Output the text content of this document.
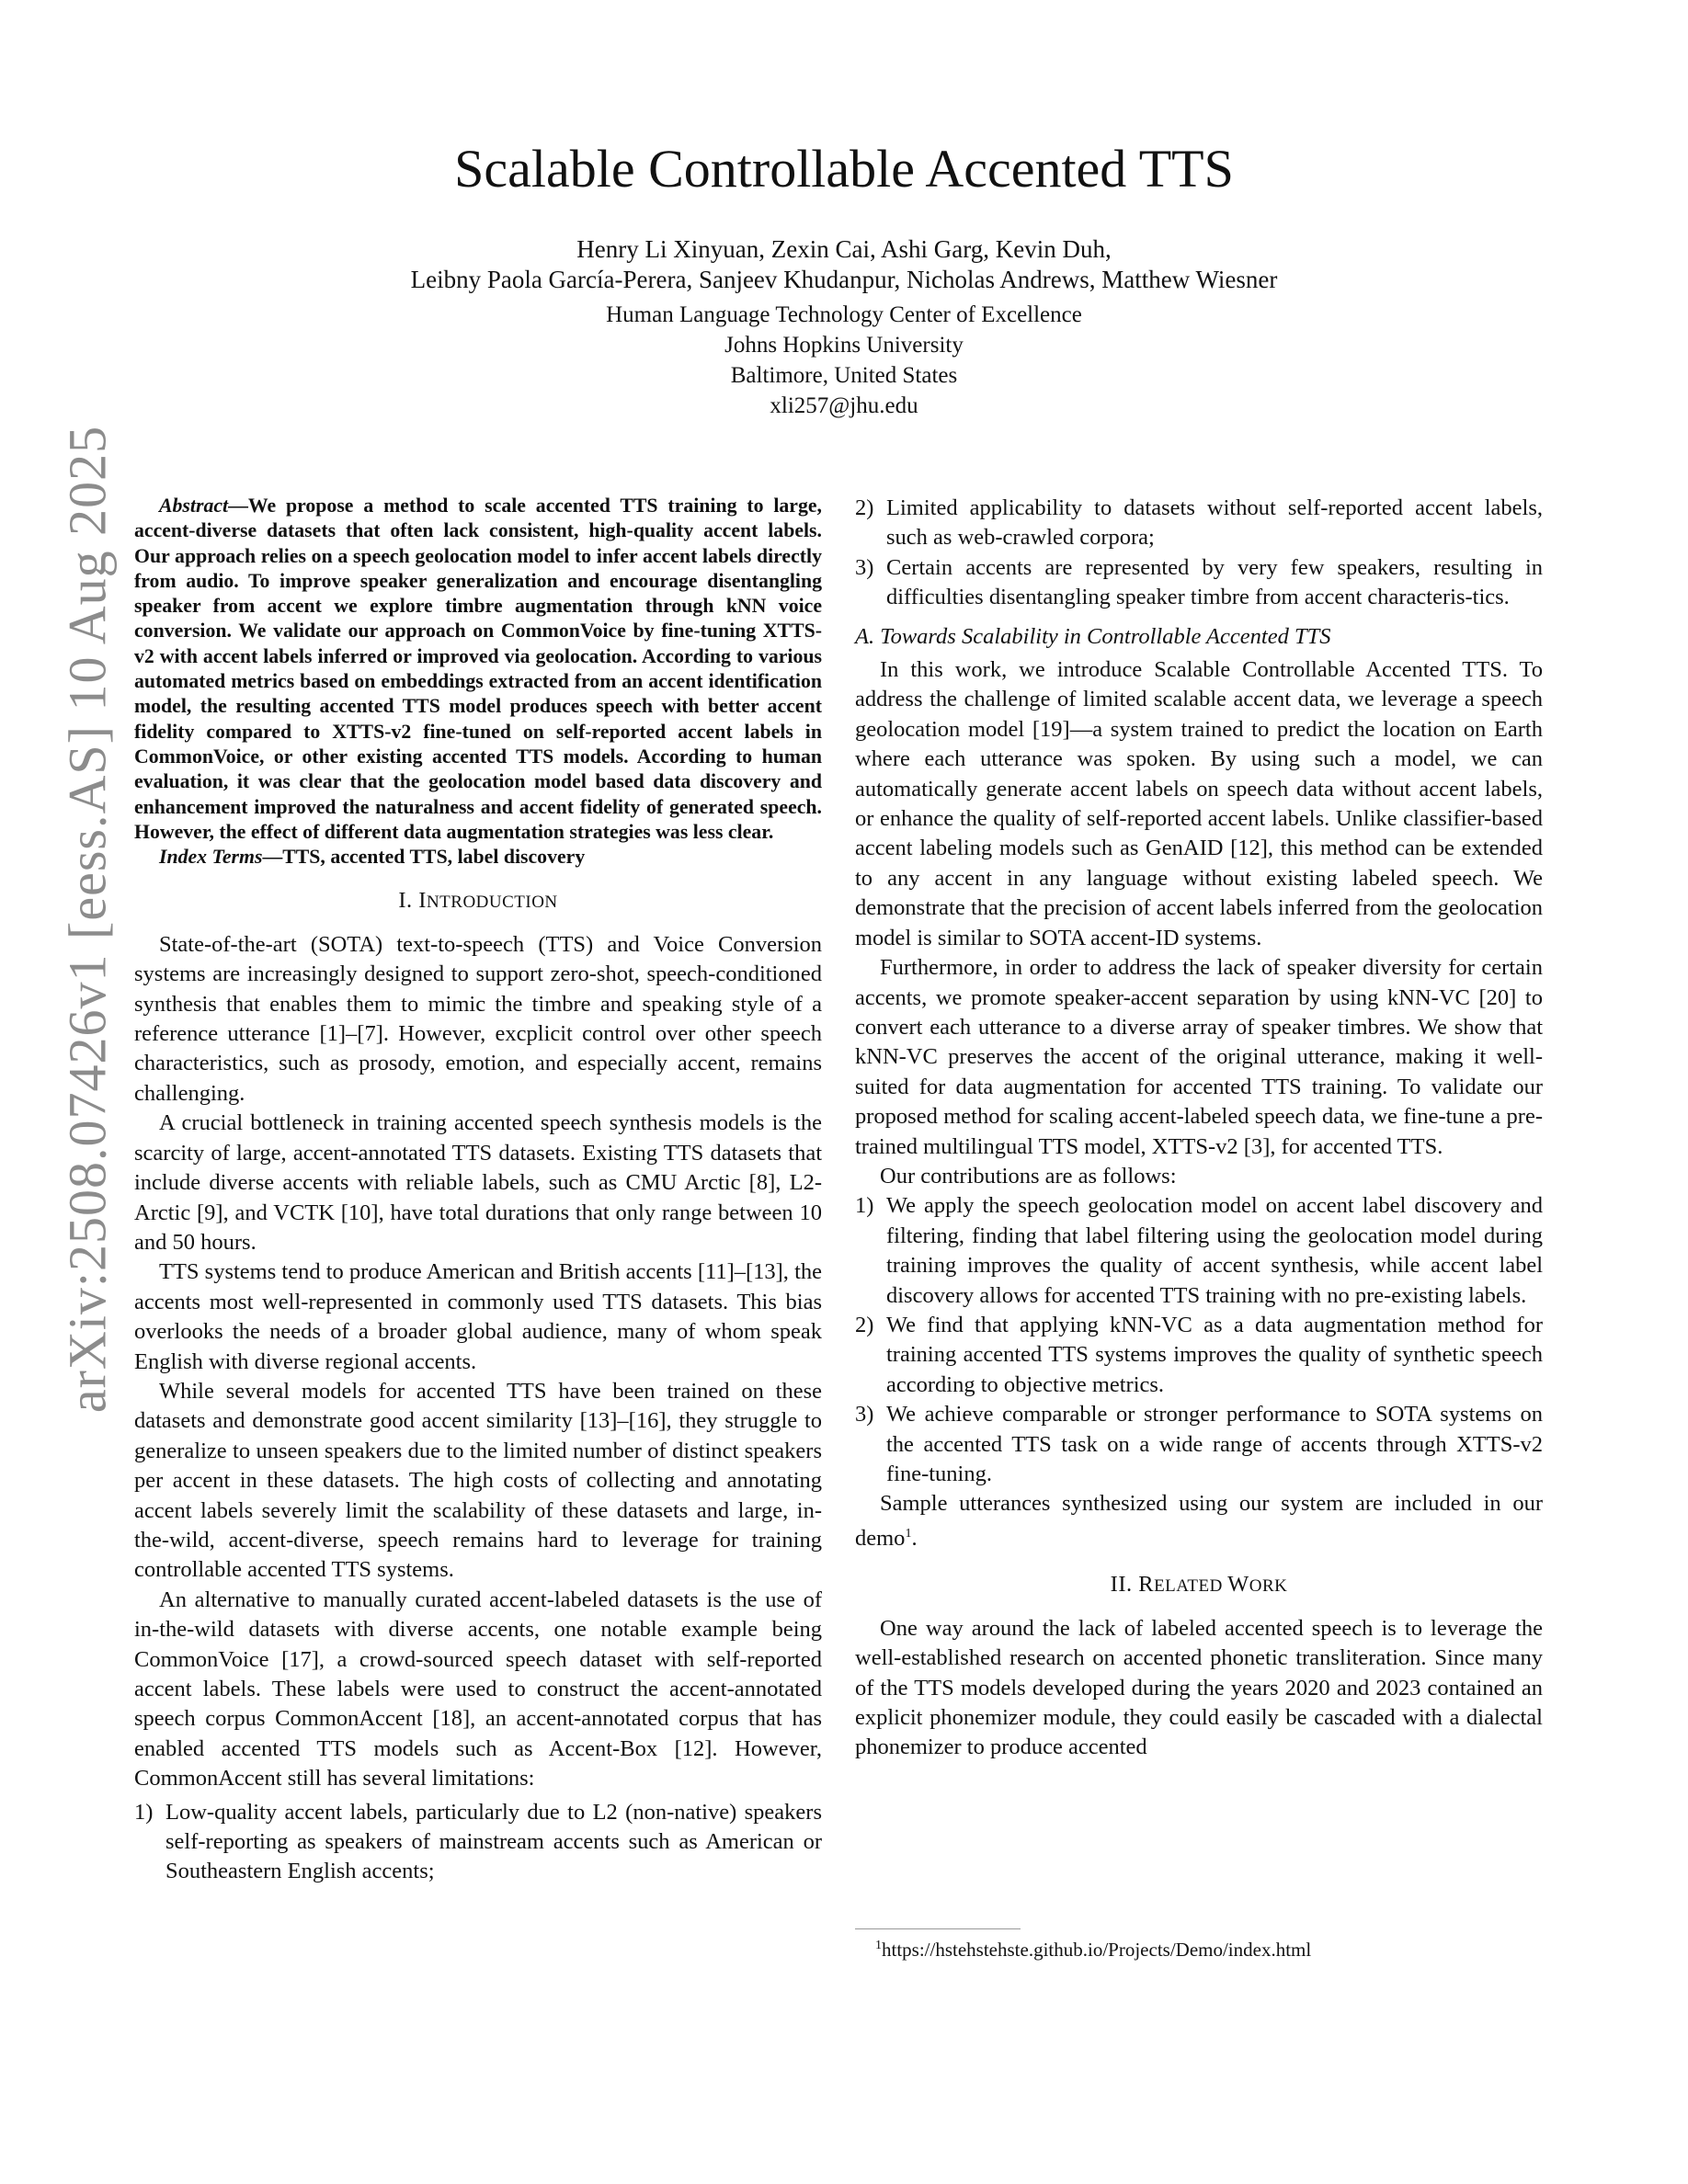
arXiv:2508.07426v1 [eess.AS] 10 Aug 2025
Scalable Controllable Accented TTS
Henry Li Xinyuan, Zexin Cai, Ashi Garg, Kevin Duh,
Leibny Paola García-Perera, Sanjeev Khudanpur, Nicholas Andrews, Matthew Wiesner
Human Language Technology Center of Excellence
Johns Hopkins University
Baltimore, United States
xli257@jhu.edu

Abstract—We propose a method to scale accented TTS training to large, accent-diverse datasets that often lack consistent, high-quality accent labels. Our approach relies on a speech geolocation model to infer accent labels directly from audio. To improve speaker generalization and encourage disentangling speaker from accent we explore timbre augmentation through kNN voice conversion. We validate our approach on CommonVoice by fine-tuning XTTS-v2 with accent labels inferred or improved via geolocation. According to various automated metrics based on embeddings extracted from an accent identification model, the resulting accented TTS model produces speech with better accent fidelity compared to XTTS-v2 fine-tuned on self-reported accent labels in CommonVoice, or other existing accented TTS models. According to human evaluation, it was clear that the geolocation model based data discovery and enhancement improved the naturalness and accent fidelity of generated speech. However, the effect of different data augmentation strategies was less clear.

Index Terms—TTS, accented TTS, label discovery

I. INTRODUCTION

State-of-the-art (SOTA) text-to-speech (TTS) and Voice Conversion systems are increasingly designed to support zero-shot, speech-conditioned synthesis that enables them to mimic the timbre and speaking style of a reference utterance [1]–[7]. However, excplicit control over other speech characteristics, such as prosody, emotion, and especially accent, remains challenging.

A crucial bottleneck in training accented speech synthesis models is the scarcity of large, accent-annotated TTS datasets. Existing TTS datasets that include diverse accents with reliable labels, such as CMU Arctic [8], L2-Arctic [9], and VCTK [10], have total durations that only range between 10 and 50 hours.

TTS systems tend to produce American and British accents [11]–[13], the accents most well-represented in commonly used TTS datasets. This bias overlooks the needs of a broader global audience, many of whom speak English with diverse regional accents.

While several models for accented TTS have been trained on these datasets and demonstrate good accent similarity [13]–[16], they struggle to generalize to unseen speakers due to the limited number of distinct speakers per accent in these datasets. The high costs of collecting and annotating accent labels severely limit the scalability of these datasets and large, in-the-wild, accent-diverse, speech remains hard to leverage for training controllable accented TTS systems.

An alternative to manually curated accent-labeled datasets is the use of in-the-wild datasets with diverse accents, one notable example being CommonVoice [17], a crowd-sourced speech dataset with self-reported accent labels. These labels were used to construct the accent-annotated speech corpus CommonAccent [18], an accent-annotated corpus that has enabled accented TTS models such as Accent-Box [12]. However, CommonAccent still has several limitations:

1) Low-quality accent labels, particularly due to L2 (non-native) speakers self-reporting as speakers of mainstream accents such as American or Southeastern English accents;
2) Limited applicability to datasets without self-reported accent labels, such as web-crawled corpora;
3) Certain accents are represented by very few speakers, resulting in difficulties disentangling speaker timbre from accent characteris-tics.
A. Towards Scalability in Controllable Accented TTS

In this work, we introduce Scalable Controllable Accented TTS. To address the challenge of limited scalable accent data, we leverage a speech geolocation model [19]—a system trained to predict the location on Earth where each utterance was spoken. By using such a model, we can automatically generate accent labels on speech data without accent labels, or enhance the quality of self-reported accent labels. Unlike classifier-based accent labeling models such as GenAID [12], this method can be extended to any accent in any language without existing labeled speech. We demonstrate that the precision of accent labels inferred from the geolocation model is similar to SOTA accent-ID systems.

Furthermore, in order to address the lack of speaker diversity for certain accents, we promote speaker-accent separation by using kNN-VC [20] to convert each utterance to a diverse array of speaker timbres. We show that kNN-VC preserves the accent of the original utterance, making it well-suited for data augmentation for accented TTS training. To validate our proposed method for scaling accent-labeled speech data, we fine-tune a pre-trained multilingual TTS model, XTTS-v2 [3], for accented TTS.

Our contributions are as follows:

1) We apply the speech geolocation model on accent label discovery and filtering, finding that label filtering using the geolocation model during training improves the quality of accent synthesis, while accent label discovery allows for accented TTS training with no pre-existing labels.
2) We find that applying kNN-VC as a data augmentation method for training accented TTS systems improves the quality of synthetic speech according to objective metrics.
3) We achieve comparable or stronger performance to SOTA systems on the accented TTS task on a wide range of accents through XTTS-v2 fine-tuning.

Sample utterances synthesized using our system are included in our demo$^1$.

II. RELATED WORK

One way around the lack of labeled accented speech is to leverage the well-established research on accented phonetic transliteration. Since many of the TTS models developed during the years 2020 and 2023 contained an explicit phonemizer module, they could easily be cascaded with a dialectal phonemizer to produce accented

$^1$https://hstehstehste.github.io/Projects/Demo/index.html
